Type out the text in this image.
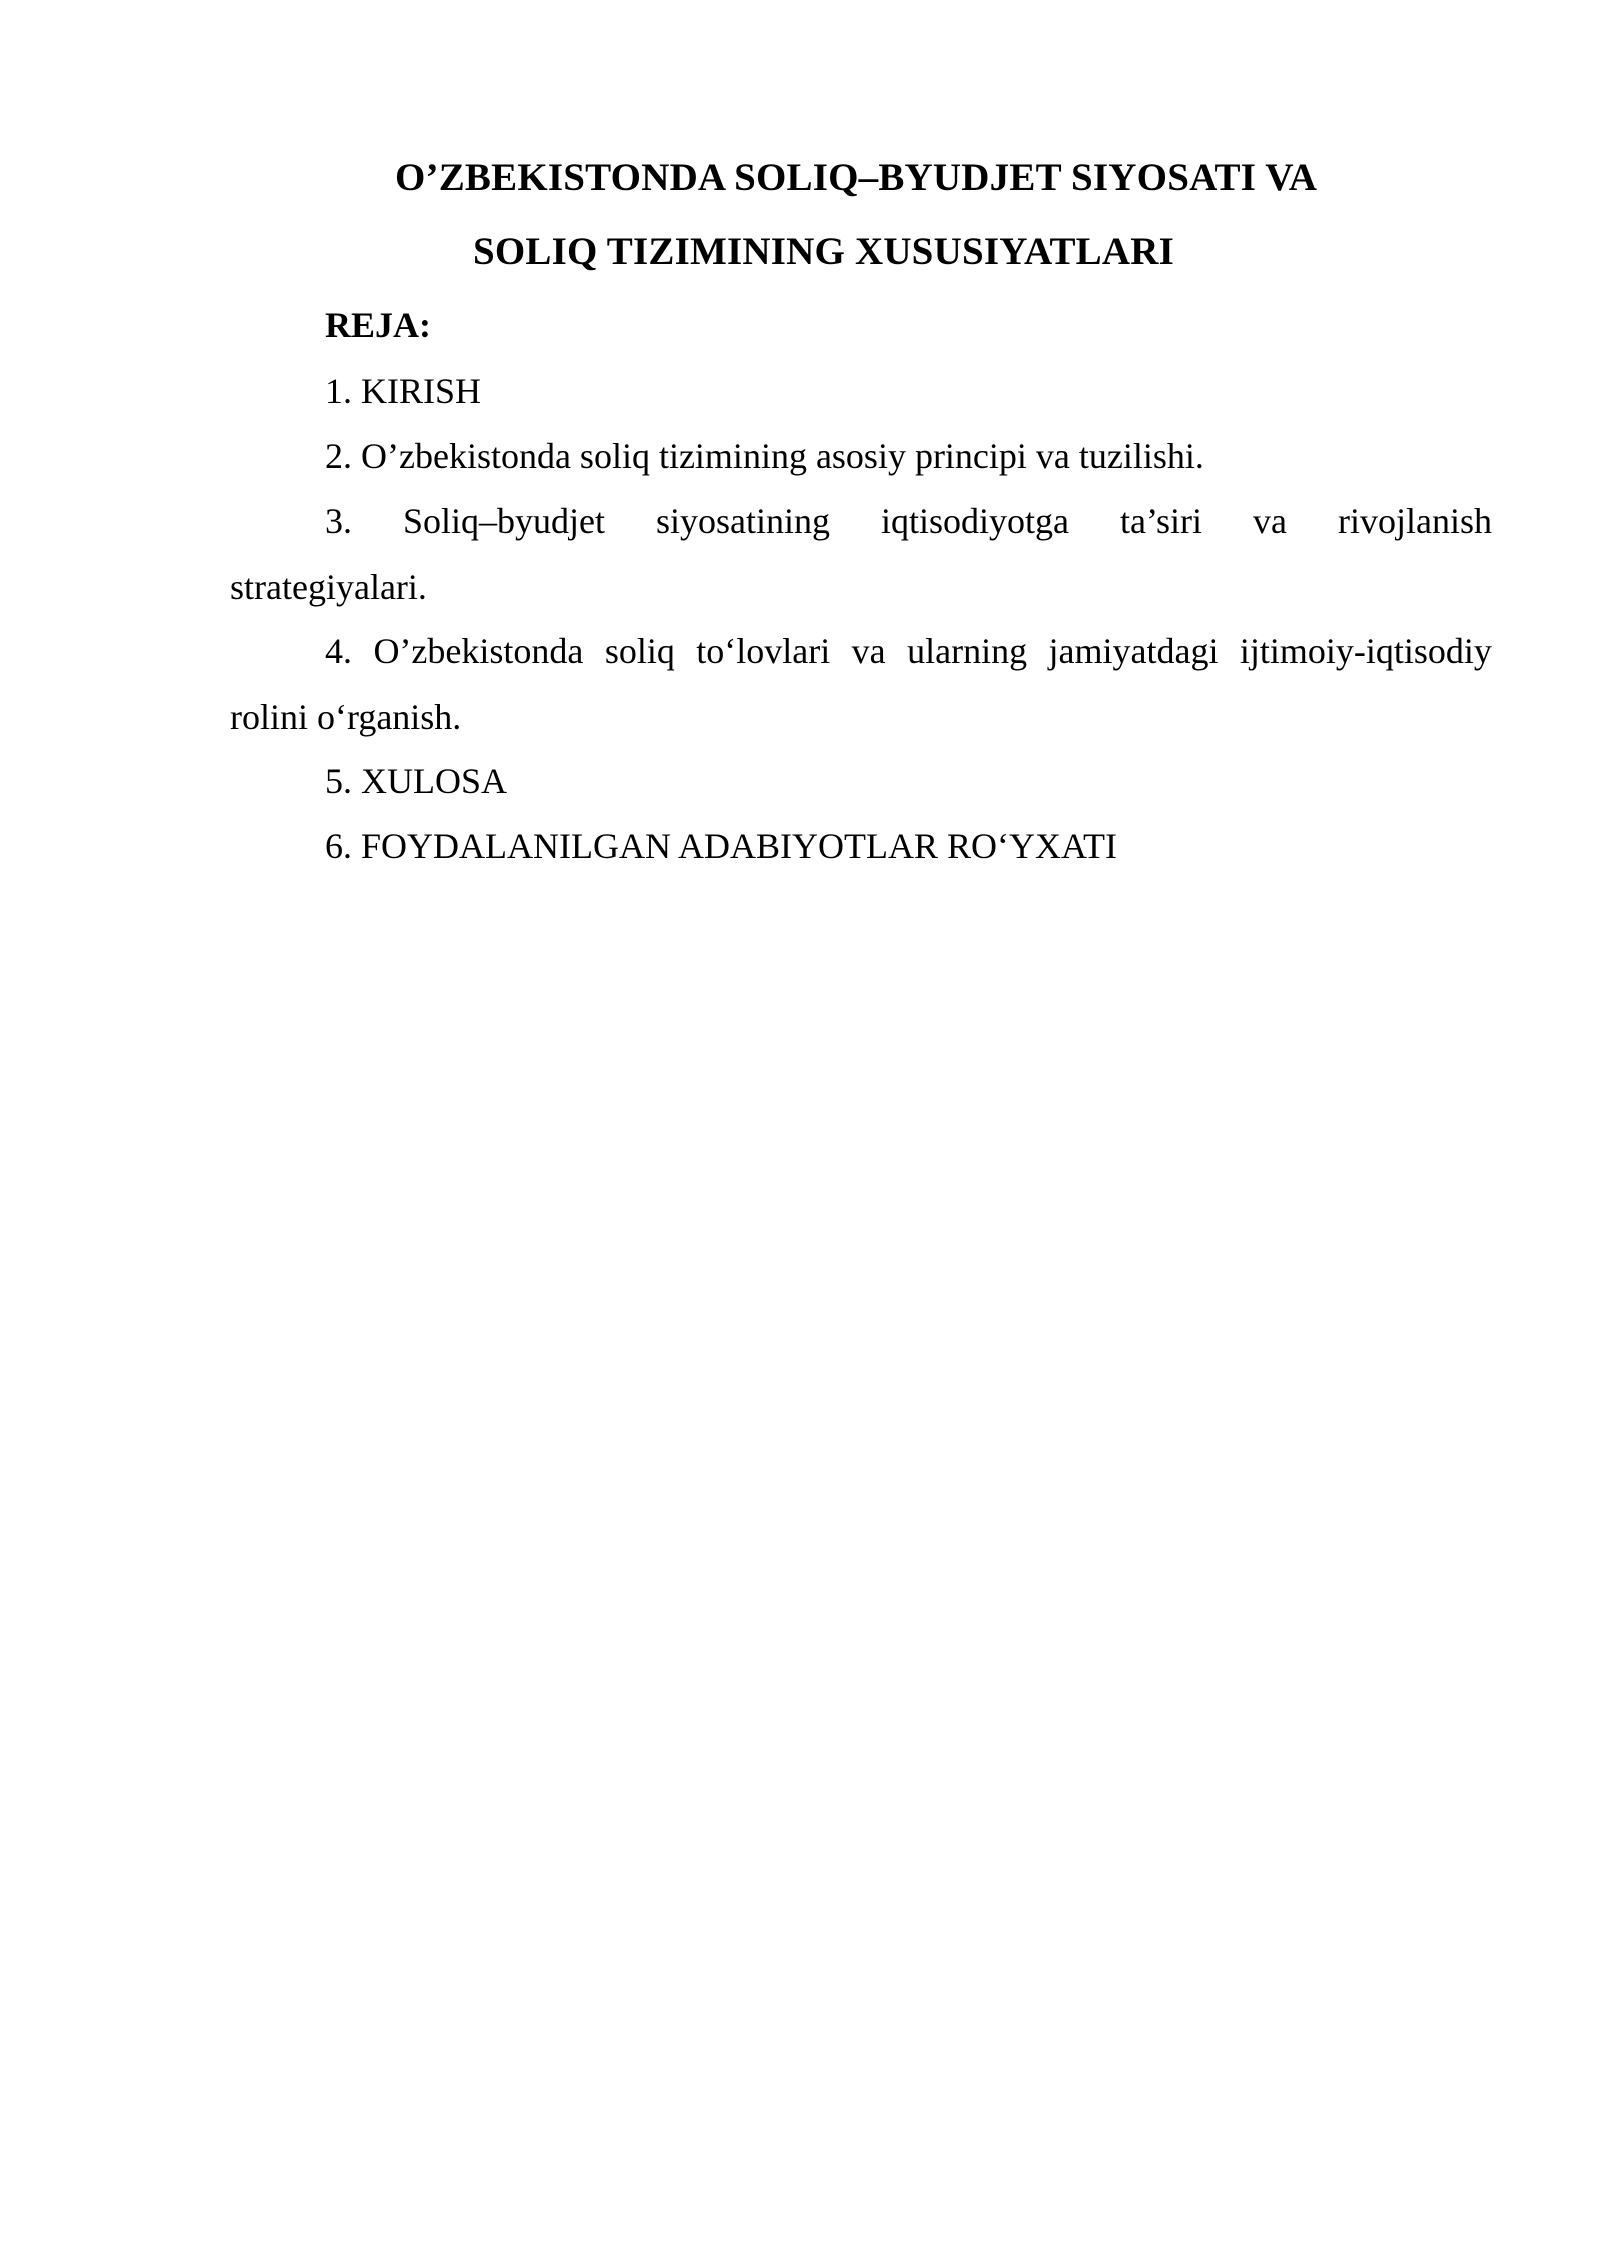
O’ZBEKISTONDA SOLIQ–BYUDJET SIYOSATI VA
SOLIQ TIZIMINING XUSUSIYATLARI
REJA:
1. KIRISH
2. O’zbekistonda soliq tizimining asosiy principi va tuzilishi.
3. Soliq–byudjet siyosatining iqtisodiyotga ta’siri va rivojlanish
strategiyalari.
4. O’zbekistonda soliq to‘lovlari va ularning jamiyatdagi ijtimoiy-iqtisodiy
rolini o‘rganish.
5. XULOSA
6. FOYDALANILGAN ADABIYOTLAR RO‘YXATI
